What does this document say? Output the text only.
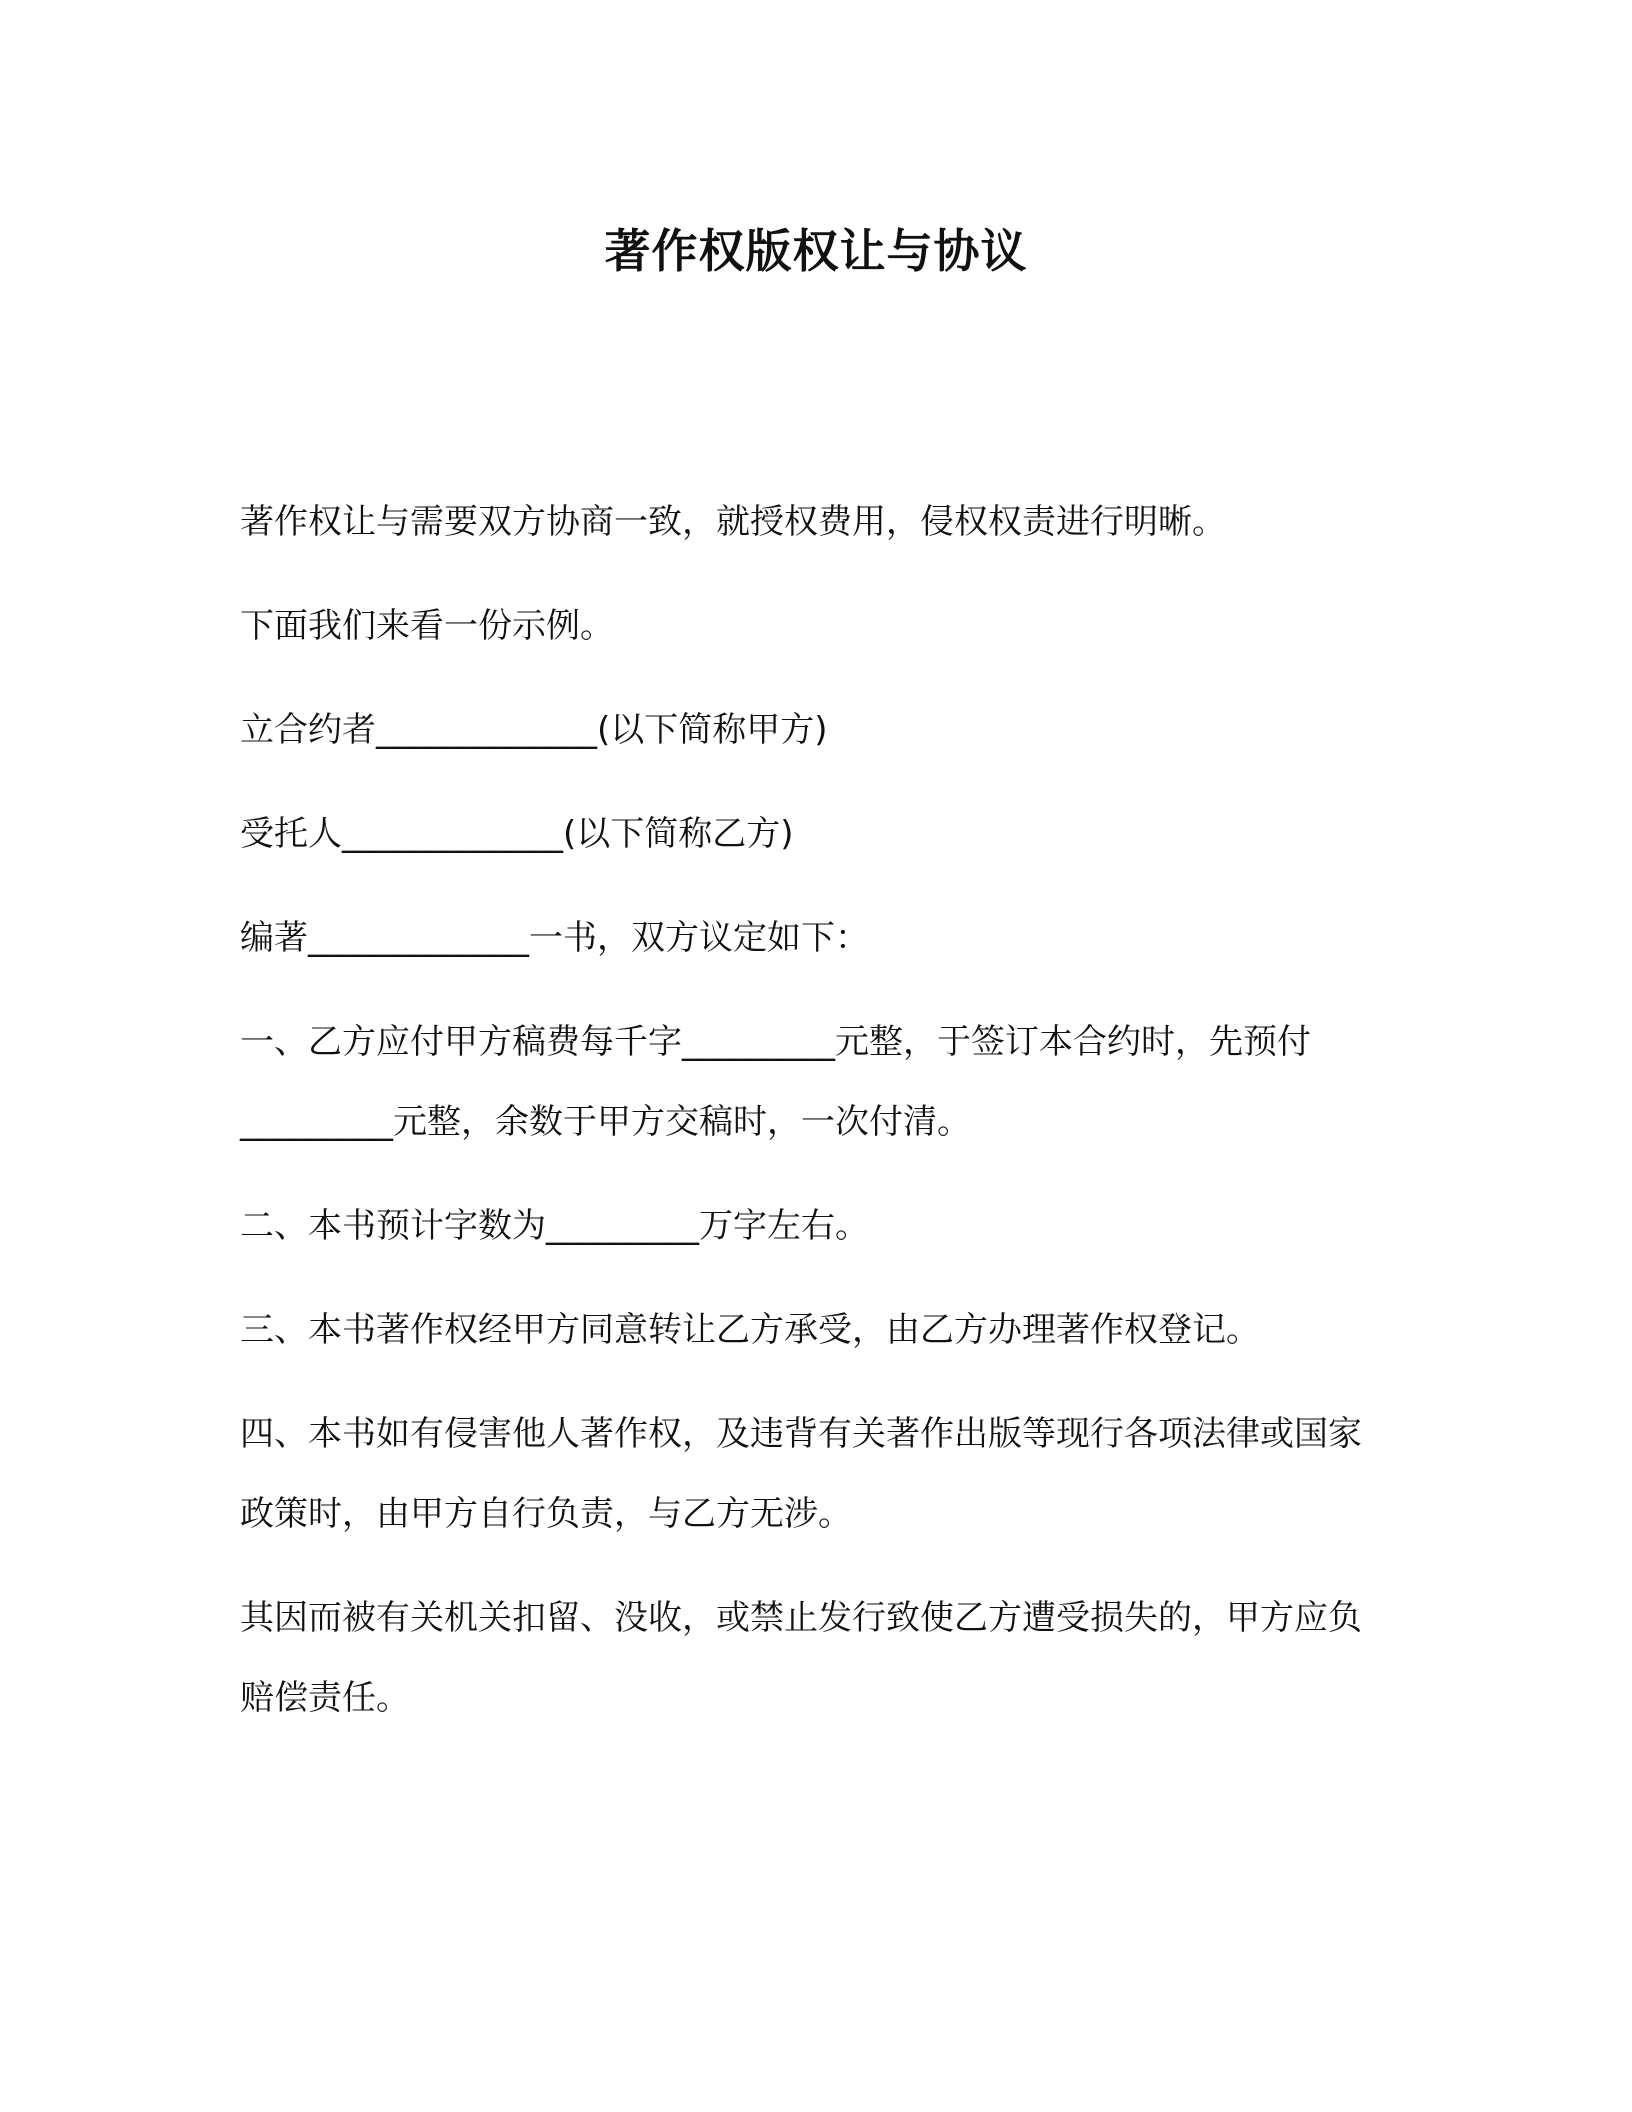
著作权版权让与协议

著作权让与需要双方协商一致，就授权费用，侵权权责进行明晰。

下面我们来看一份示例。

立合约者_____________(以下简称甲方)

受托人_____________(以下简称乙方)

编著_____________一书，双方议定如下：

一、乙方应付甲方稿费每千字_________元整，于签订本合约时，先预付_________元整，余数于甲方交稿时，一次付清。

二、本书预计字数为_________万字左右。

三、本书著作权经甲方同意转让乙方承受，由乙方办理著作权登记。

四、本书如有侵害他人著作权，及违背有关著作出版等现行各项法律或国家政策时，由甲方自行负责，与乙方无涉。

其因而被有关机关扣留、没收，或禁止发行致使乙方遭受损失的，甲方应负赔偿责任。
